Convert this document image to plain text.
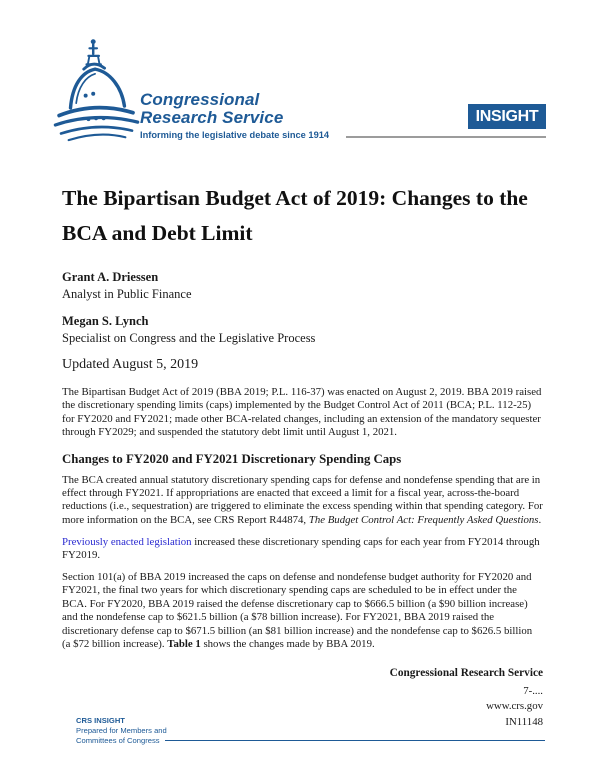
Congressional
Research Service
Informing the legislative debate since 1914
INSIGHT
The Bipartisan Budget Act of 2019: Changes to the BCA and Debt Limit
Grant A. Driessen
Analyst in Public Finance
Megan S. Lynch
Specialist on Congress and the Legislative Process

Updated August 5, 2019

The Bipartisan Budget Act of 2019 (BBA 2019; P.L. 116-37) was enacted on August 2, 2019. BBA 2019 raised the discretionary spending limits (caps) implemented by the Budget Control Act of 2011 (BCA; P.L. 112-25) for FY2020 and FY2021; made other BCA-related changes, including an extension of the mandatory sequester through FY2029; and suspended the statutory debt limit until August 1, 2021.

Changes to FY2020 and FY2021 Discretionary Spending Caps

The BCA created annual statutory discretionary spending caps for defense and nondefense spending that are in effect through FY2021. If appropriations are enacted that exceed a limit for a fiscal year, across-the-board reductions (i.e., sequestration) are triggered to eliminate the excess spending within that spending category. For more information on the BCA, see CRS Report R44874, The Budget Control Act: Frequently Asked Questions.

Previously enacted legislation increased these discretionary spending caps for each year from FY2014 through FY2019.

Section 101(a) of BBA 2019 increased the caps on defense and nondefense budget authority for FY2020 and FY2021, the final two years for which discretionary spending caps are scheduled to be in effect under the BCA. For FY2020, BBA 2019 raised the defense discretionary cap to $666.5 billion (a $90 billion increase) and the nondefense cap to $621.5 billion (a $78 billion increase). For FY2021, BBA 2019 raised the discretionary defense cap to $671.5 billion (an $81 billion increase) and the nondefense cap to $626.5 billion (a $72 billion increase). Table 1 shows the changes made by BBA 2019.

Congressional Research Service
7-....
www.crs.gov
IN11148
CRS INSIGHT
Prepared for Members and
Committees of Congress
